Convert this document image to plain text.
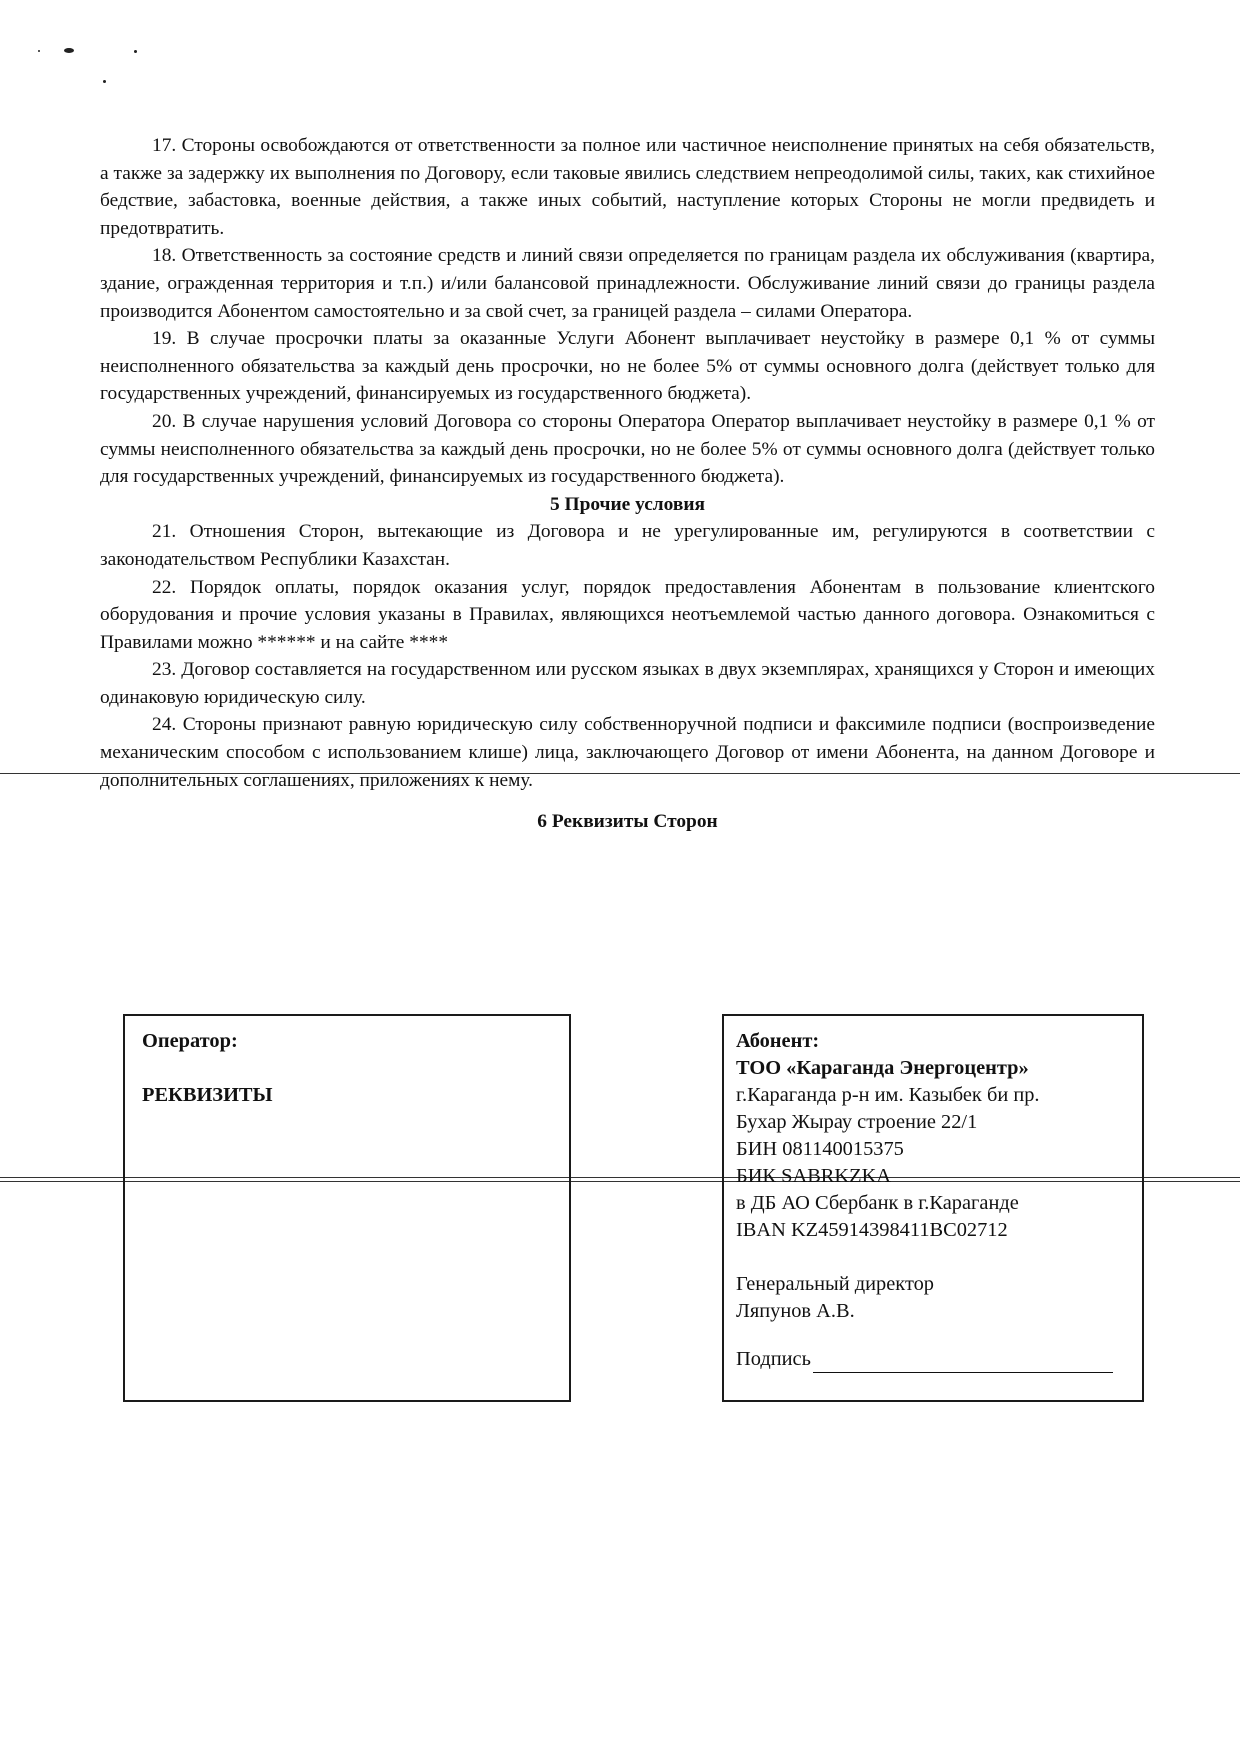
17. Стороны освобождаются от ответственности за полное или частичное неисполнение принятых на себя обязательств, а также за задержку их выполнения по Договору, если таковые явились следствием непреодолимой силы, таких, как стихийное бедствие, забастовка, военные действия, а также иных событий, наступление которых Стороны не могли предвидеть и предотвратить.

18. Ответственность за состояние средств и линий связи определяется по границам раздела их обслуживания (квартира, здание, огражденная территория и т.п.) и/или балансовой принадлежности. Обслуживание линий связи до границы раздела производится Абонентом самостоятельно и за свой счет, за границей раздела – силами Оператора.

19. В случае просрочки платы за оказанные Услуги Абонент выплачивает неустойку в размере 0,1 % от суммы неисполненного обязательства за каждый день просрочки, но не более 5% от суммы основного долга (действует только для государственных учреждений, финансируемых из государственного бюджета).

20. В случае нарушения условий Договора со стороны Оператора Оператор выплачивает неустойку в размере 0,1 % от суммы неисполненного обязательства за каждый день просрочки, но не более 5% от суммы основного долга (действует только для государственных учреждений, финансируемых из государственного бюджета).

5 Прочие условия

21. Отношения Сторон, вытекающие из Договора и не урегулированные им, регулируются в соответствии с законодательством Республики Казахстан.

22. Порядок оплаты, порядок оказания услуг, порядок предоставления Абонентам в пользование клиентского оборудования и прочие условия указаны в Правилах, являющихся неотъемлемой частью данного договора. Ознакомиться с Правилами можно ****** и на сайте ****

23. Договор составляется на государственном или русском языках в двух экземплярах, хранящихся у Сторон и имеющих одинаковую юридическую силу.

24. Стороны признают равную юридическую силу собственноручной подписи и факсимиле подписи (воспроизведение механическим способом с использованием клише) лица, заключающего Договор от имени Абонента, на данном Договоре и дополнительных соглашениях, приложениях к нему.

6 Реквизиты Сторон

Оператор:
РЕКВИЗИТЫ
Абонент:
ТОО «Караганда Энергоцентр»
г.Караганда р-н им. Казыбек би пр.
Бухар Жырау строение 22/1
БИН 081140015375
БИК SABRKZKA
в ДБ АО Сбербанк в г.Караганде
IBAN KZ45914398411BC02712
Генеральный директор
Ляпунов А.В.
Подпись
